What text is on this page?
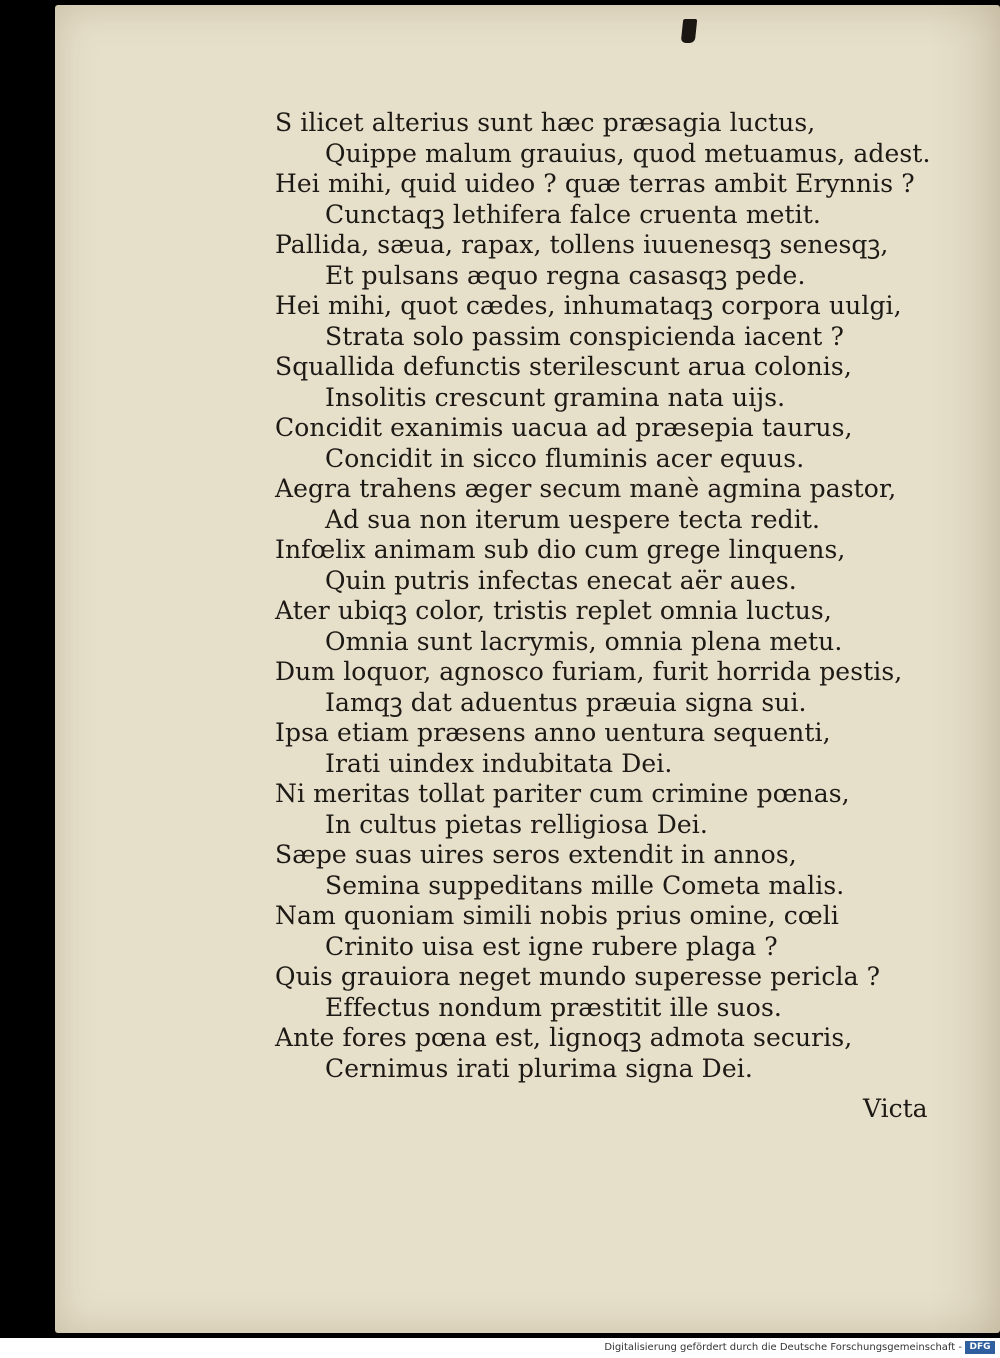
S ilicet alterius sunt hæc præsagia luctus,
Quippe malum grauius, quod metuamus, adest.
Hei mihi, quid uideo ? quæ terras ambit Erynnis ?
Cunctaqꝫ lethifera falce cruenta metit.
Pallida, sæua, rapax, tollens iuuenesqꝫ senesqꝫ,
Et pulsans æquo regna casasqꝫ pede.
Hei mihi, quot cædes, inhumataqꝫ corpora uulgi,
Strata solo passim conspicienda iacent ?
Squallida defunctis sterilescunt arua colonis,
Insolitis crescunt gramina nata uijs.
Concidit exanimis uacua ad præsepia taurus,
Concidit in sicco fluminis acer equus.
Aegra trahens æger secum manè agmina pastor,
Ad sua non iterum uespere tecta redit.
Infœlix animam sub dio cum grege linquens,
Quin putris infectas enecat aër aues.
Ater ubiqꝫ color, tristis replet omnia luctus,
Omnia sunt lacrymis, omnia plena metu.
Dum loquor, agnosco furiam, furit horrida pestis,
Iamqꝫ dat aduentus præuia signa sui.
Ipsa etiam præsens anno uentura sequenti,
Irati uindex indubitata Dei.
Ni meritas tollat pariter cum crimine pœnas,
In cultus pietas relligiosa Dei.
Sæpe suas uires seros extendit in annos,
Semina suppeditans mille Cometa malis.
Nam quoniam simili nobis prius omine, cœli
Crinito uisa est igne rubere plaga ?
Quis grauiora neget mundo superesse pericla ?
Effectus nondum præstitit ille suos.
Ante fores pœna est, lignoqꝫ admota securis,
Cernimus irati plurima signa Dei.
Victa
Digitalisierung gefördert durch die Deutsche Forschungsgemeinschaft - DFG
